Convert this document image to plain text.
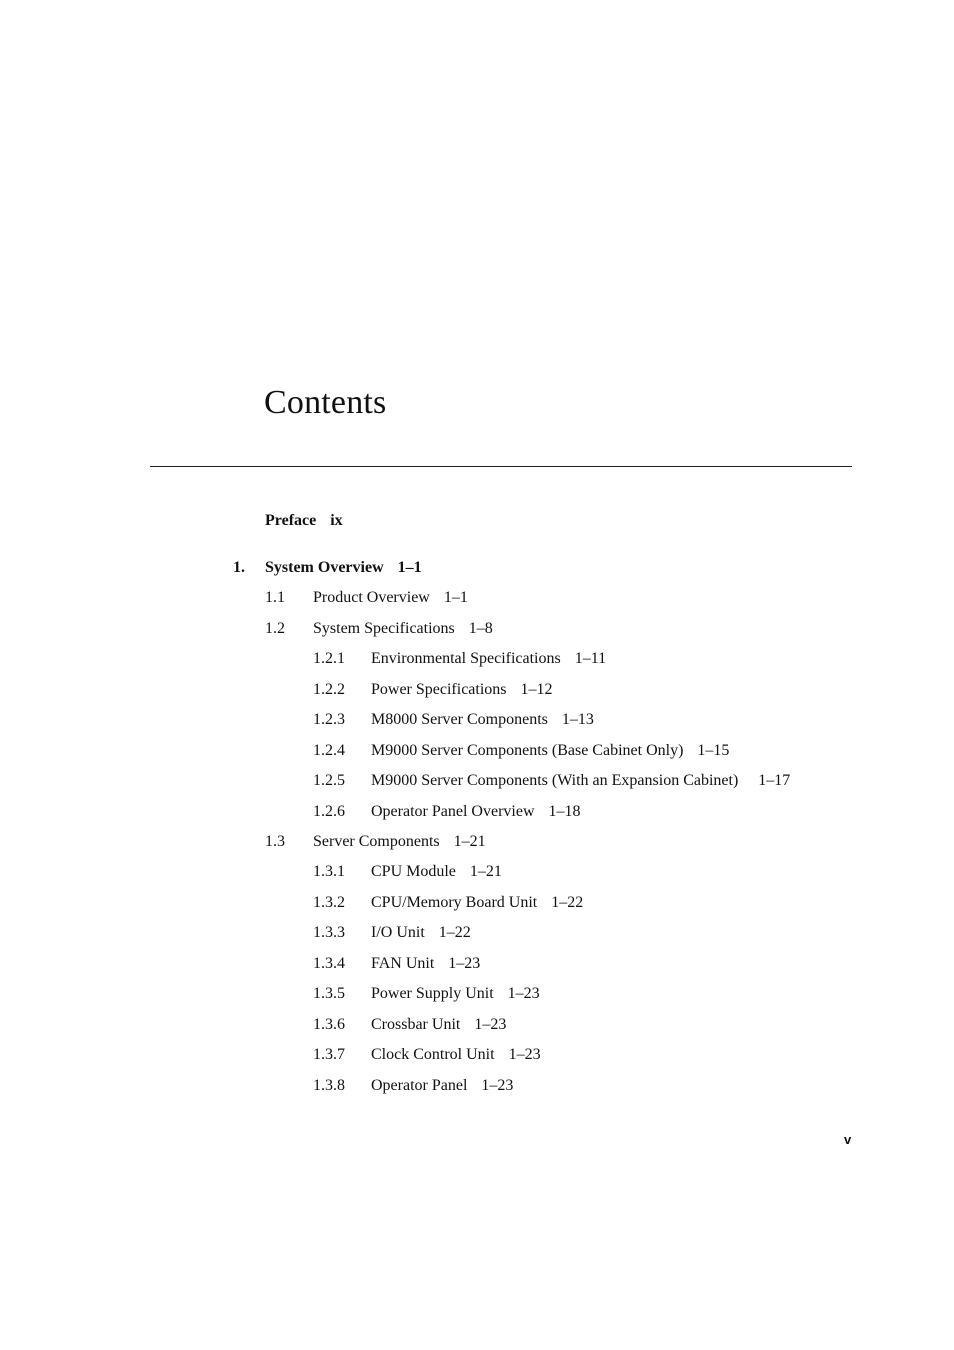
Contents
Preface ix
1. System Overview 1–1
1.1 Product Overview 1–1
1.2 System Specifications 1–8
1.2.1 Environmental Specifications 1–11
1.2.2 Power Specifications 1–12
1.2.3 M8000 Server Components 1–13
1.2.4 M9000 Server Components (Base Cabinet Only) 1–15
1.2.5 M9000 Server Components (With an Expansion Cabinet) 1–17
1.2.6 Operator Panel Overview 1–18
1.3 Server Components 1–21
1.3.1 CPU Module 1–21
1.3.2 CPU/Memory Board Unit 1–22
1.3.3 I/O Unit 1–22
1.3.4 FAN Unit 1–23
1.3.5 Power Supply Unit 1–23
1.3.6 Crossbar Unit 1–23
1.3.7 Clock Control Unit 1–23
1.3.8 Operator Panel 1–23
v
